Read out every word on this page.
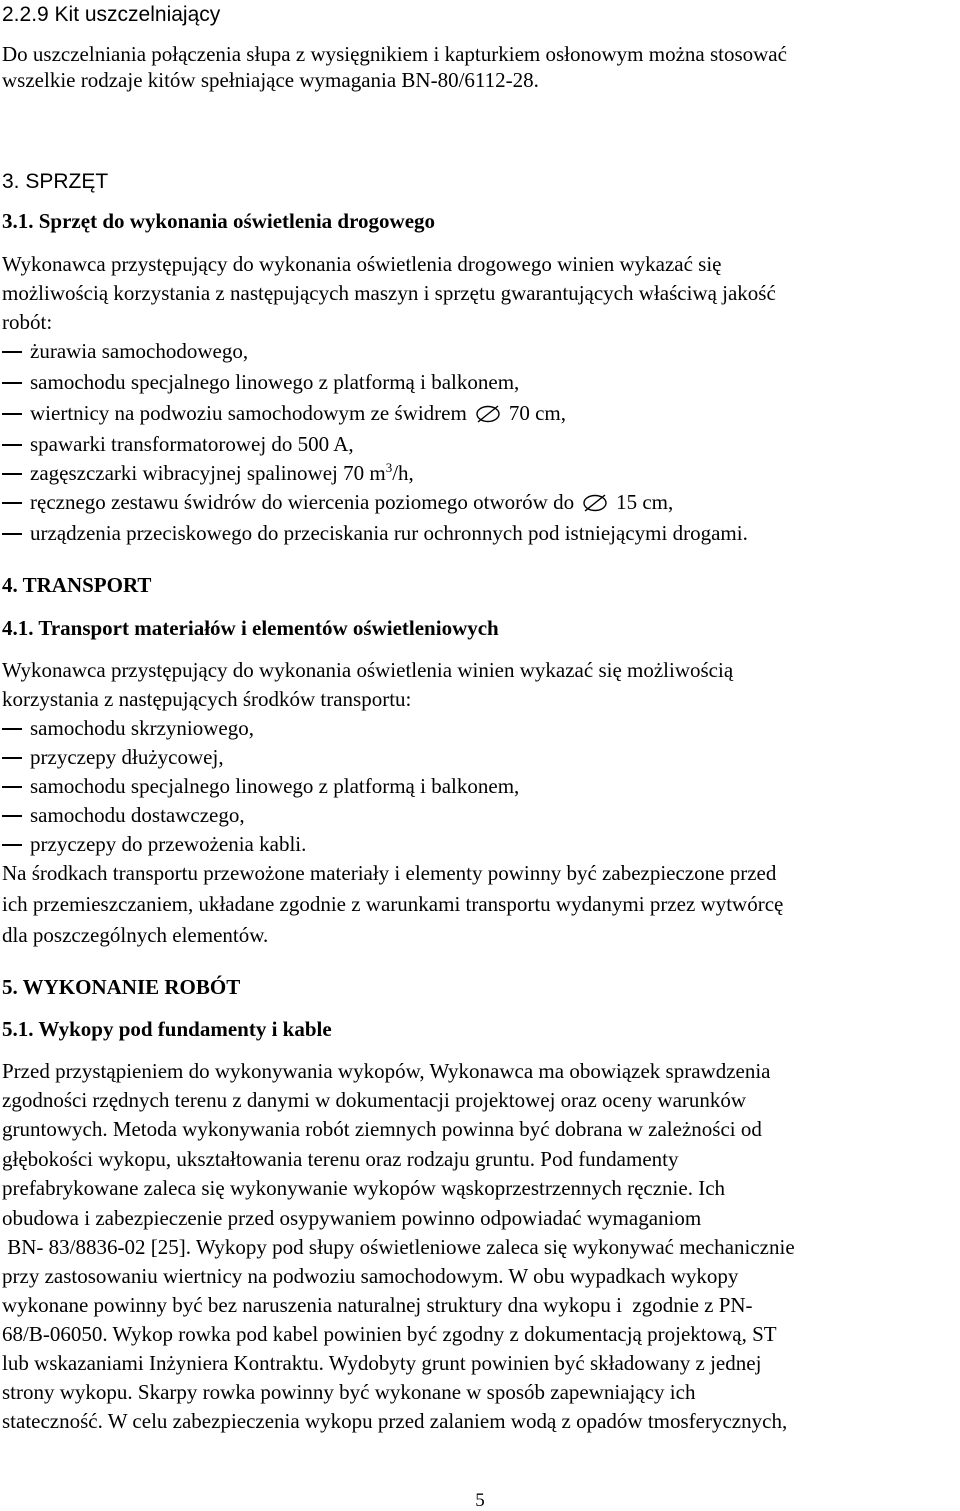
2.2.9 Kit uszczelniający
Do uszczelniania połączenia słupa z wysięgnikiem i kapturkiem osłonowym można stosować
wszelkie rodzaje kitów spełniające wymagania BN-80/6112-28.
3. SPRZĘT
3.1. Sprzęt do wykonania oświetlenia drogowego
Wykonawca przystępujący do wykonania oświetlenia drogowego winien wykazać się
możliwością korzystania z następujących maszyn i sprzętu gwarantujących właściwą jakość
robót:
żurawia samochodowego,
samochodu specjalnego linowego z platformą i balkonem,
wiertnicy na podwoziu samochodowym ze świdrem 70 cm,
spawarki transformatorowej do 500 A,
zagęszczarki wibracyjnej spalinowej 70 $m^3/h$,
ręcznego zestawu świdrów do wiercenia poziomego otworów do 15 cm,
urządzenia przeciskowego do przeciskania rur ochronnych pod istniejącymi drogami.
4. TRANSPORT
4.1. Transport materiałów i elementów oświetleniowych
Wykonawca przystępujący do wykonania oświetlenia winien wykazać się możliwością
korzystania z następujących środków transportu:
samochodu skrzyniowego,
przyczepy dłużycowej,
samochodu specjalnego linowego z platformą i balkonem,
samochodu dostawczego,
przyczepy do przewożenia kabli.
Na środkach transportu przewożone materiały i elementy powinny być zabezpieczone przed
ich przemieszczaniem, układane zgodnie z warunkami transportu wydanymi przez wytwórcę
dla poszczególnych elementów.
5. WYKONANIE ROBÓT
5.1. Wykopy pod fundamenty i kable
Przed przystąpieniem do wykonywania wykopów, Wykonawca ma obowiązek sprawdzenia
zgodności rzędnych terenu z danymi w dokumentacji projektowej oraz oceny warunków
gruntowych. Metoda wykonywania robót ziemnych powinna być dobrana w zależności od
głębokości wykopu, ukształtowania terenu oraz rodzaju gruntu. Pod fundamenty
prefabrykowane zaleca się wykonywanie wykopów wąskoprzestrzennych ręcznie. Ich
obudowa i zabezpieczenie przed osypywaniem powinno odpowiadać wymaganiom
BN- 83/8836-02 [25]. Wykopy pod słupy oświetleniowe zaleca się wykonywać mechanicznie
przy zastosowaniu wiertnicy na podwoziu samochodowym. W obu wypadkach wykopy
wykonane powinny być bez naruszenia naturalnej struktury dna wykopu i  zgodnie z PN-
68/B-06050. Wykop rowka pod kabel powinien być zgodny z dokumentacją projektową, ST
lub wskazaniami Inżyniera Kontraktu. Wydobyty grunt powinien być składowany z jednej
strony wykopu. Skarpy rowka powinny być wykonane w sposób zapewniający ich
stateczność. W celu zabezpieczenia wykopu przed zalaniem wodą z opadów tmosferycznych,
5
